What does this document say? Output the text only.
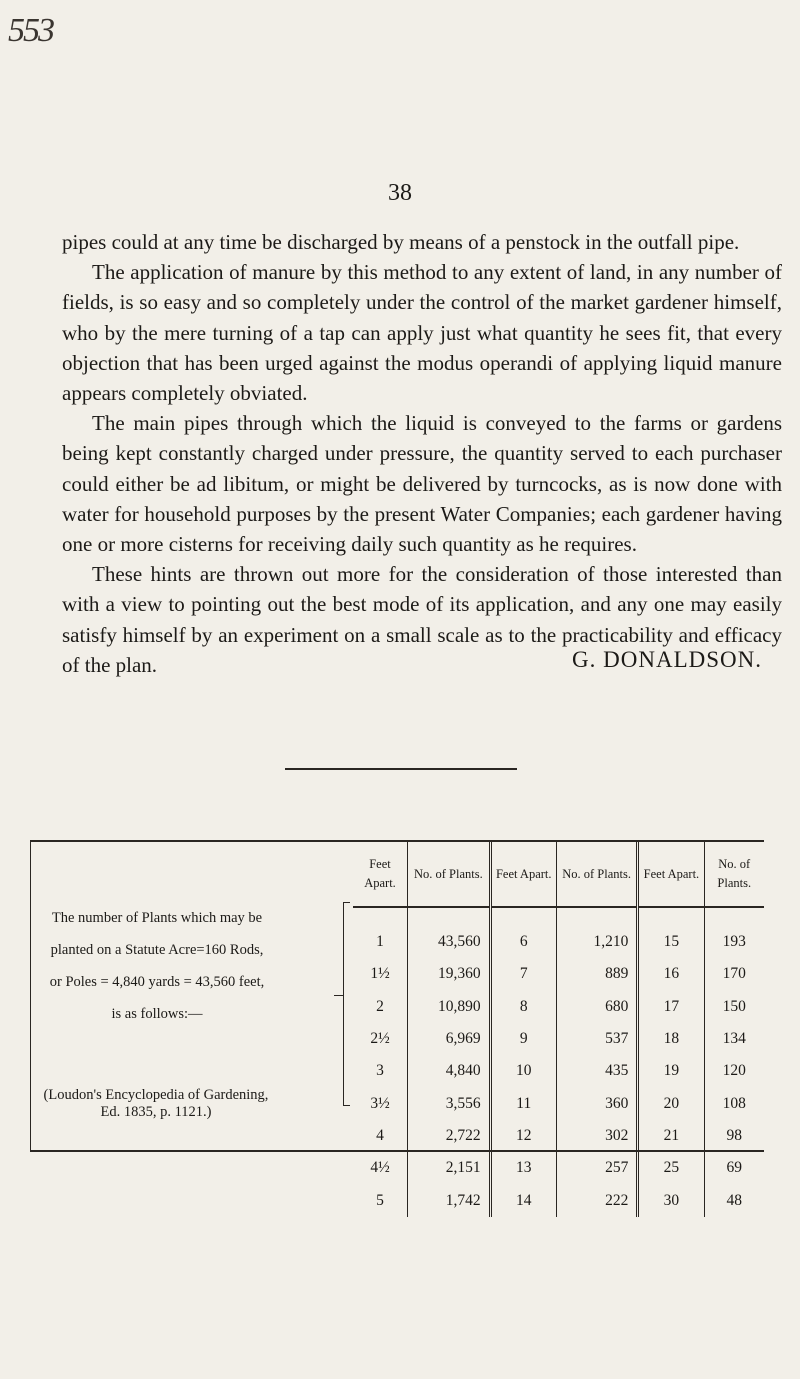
553
38

pipes could at any time be discharged by means of a penstock in the outfall pipe.

The application of manure by this method to any extent of land, in any number of fields, is so easy and so completely under the control of the market gardener himself, who by the mere turning of a tap can apply just what quantity he sees fit, that every objection that has been urged against the modus operandi of applying liquid manure appears completely obviated.

The main pipes through which the liquid is conveyed to the farms or gardens being kept constantly charged under pressure, the quantity served to each purchaser could either be ad libitum, or might be delivered by turncocks, as is now done with water for household purposes by the present Water Companies; each gardener having one or more cisterns for receiving daily such quantity as he requires.

These hints are thrown out more for the consideration of those interested than with a view to pointing out the best mode of its application, and any one may easily satisfy himself by an experiment on a small scale as to the practicability and efficacy of the plan.	G. DONALDSON.
The number of Plants which may be planted on a Statute Acre=160 Rods, or Poles = 4,840 yards = 43,560 feet, is as follows:—
(Loudon's Encyclopedia of Gardening, Ed. 1835, p. 1121.)
Feet Apart.	No. of Plants.	Feet Apart.	No. of Plants.	Feet Apart.	No. of Plants.

1	43,560	6	1,210	15	193
1½	19,360	7	889	16	170
2	10,890	8	680	17	150
2½	6,969	9	537	18	134
3	4,840	10	435	19	120
3½	3,556	11	360	20	108
4	2,722	12	302	21	98
4½	2,151	13	257	25	69
5	1,742	14	222	30	48
